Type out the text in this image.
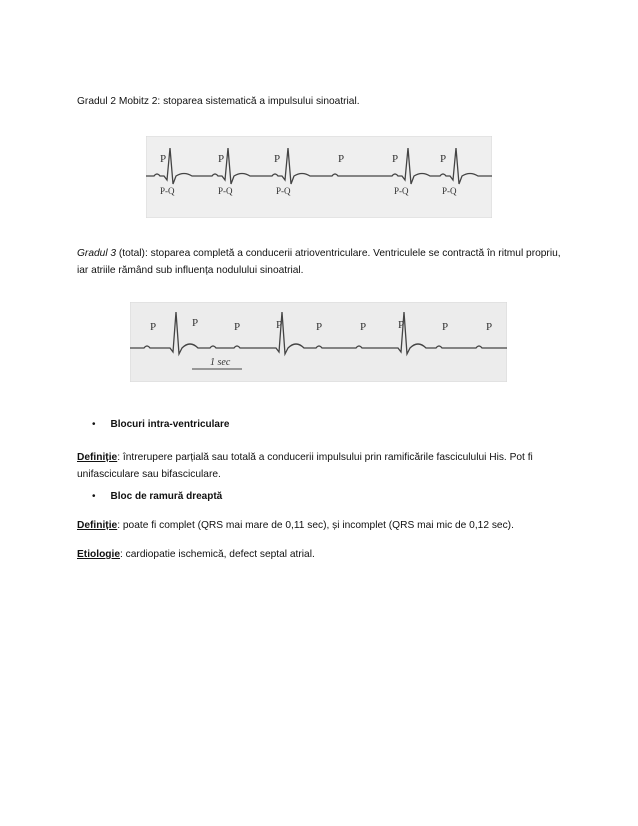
Gradul 2 Mobitz 2: stoparea sistematică a impulsului sinoatrial.

P	P	P	P	P	P
P-Q	P-Q	P-Q	P-Q	P-Q

Gradul 3 (total): stoparea completă a conducerii atrioventriculare. Ventriculele se contractă în ritmul propriu, iar atriile rămând sub influența nodulului sinoatrial.

P	P	P	P	P	P	P	P	P
1 sec
• Blocuri intra-ventriculare

Definiție: întrerupere parțială sau totală a conducerii impulsului prin ramificările fasciculului His. Pot fi unifasciculare sau bifasciculare.

• Bloc de ramură dreaptă

Definiție: poate fi complet (QRS mai mare de 0,11 sec), și incomplet (QRS mai mic de 0,12 sec).

Etiologie: cardiopatie ischemică, defect septal atrial.
